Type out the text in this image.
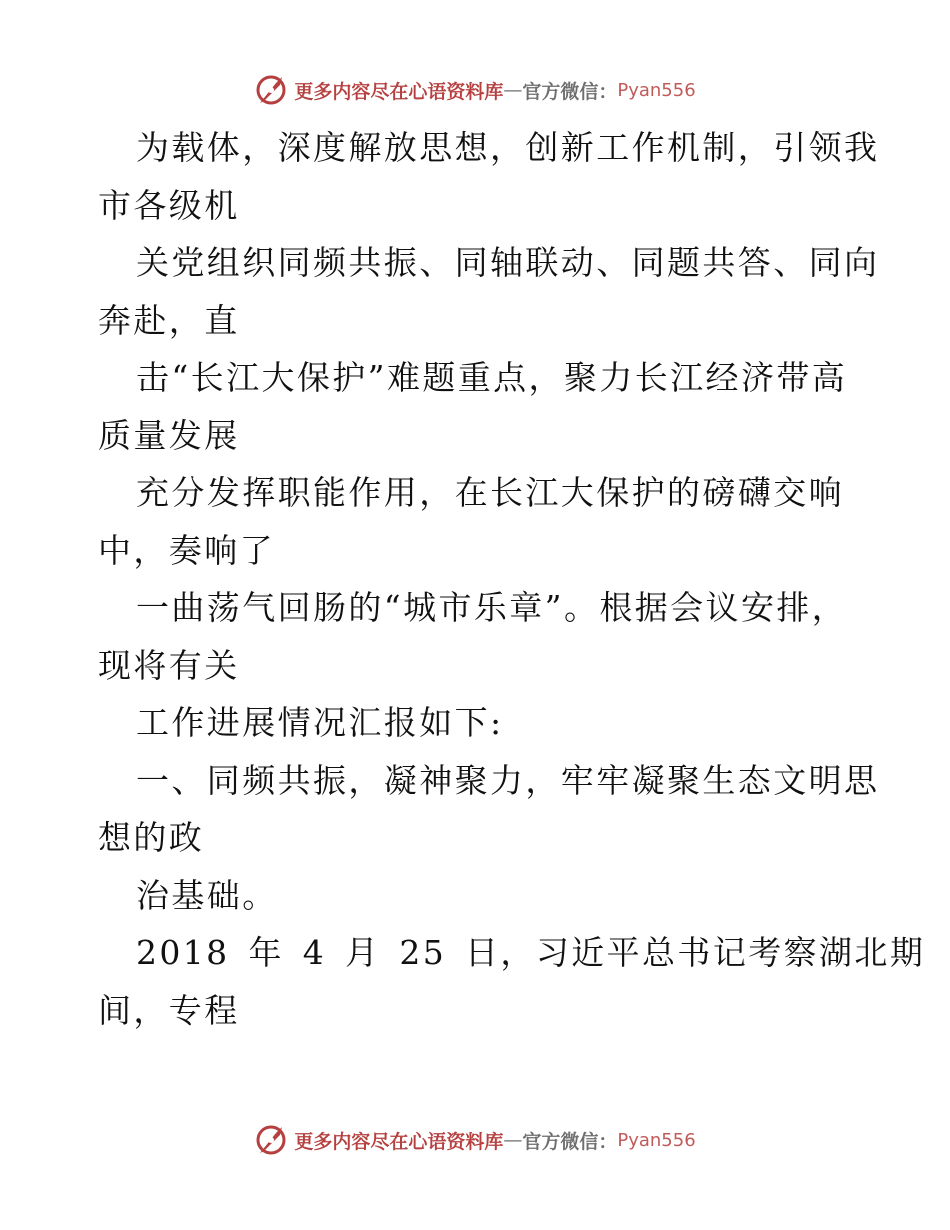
更多内容尽在心语资料库 — 官方微信： Pyan556
为载体，深度解放思想，创新工作机制，引领我
市各级机
关党组织同频共振、同轴联动、同题共答、同向
奔赴，直
击“长江大保护”难题重点，聚力长江经济带高
质量发展
充分发挥职能作用，在长江大保护的磅礴交响
中，奏响了
一曲荡气回肠的“城市乐章”。根据会议安排，
现将有关
工作进展情况汇报如下:
一、同频共振，凝神聚力，牢牢凝聚生态文明思
想的政
治基础。
2018 年 4 月 25 日，习近平总书记考察湖北期
间，专程
更多内容尽在心语资料库 — 官方微信： Pyan556
